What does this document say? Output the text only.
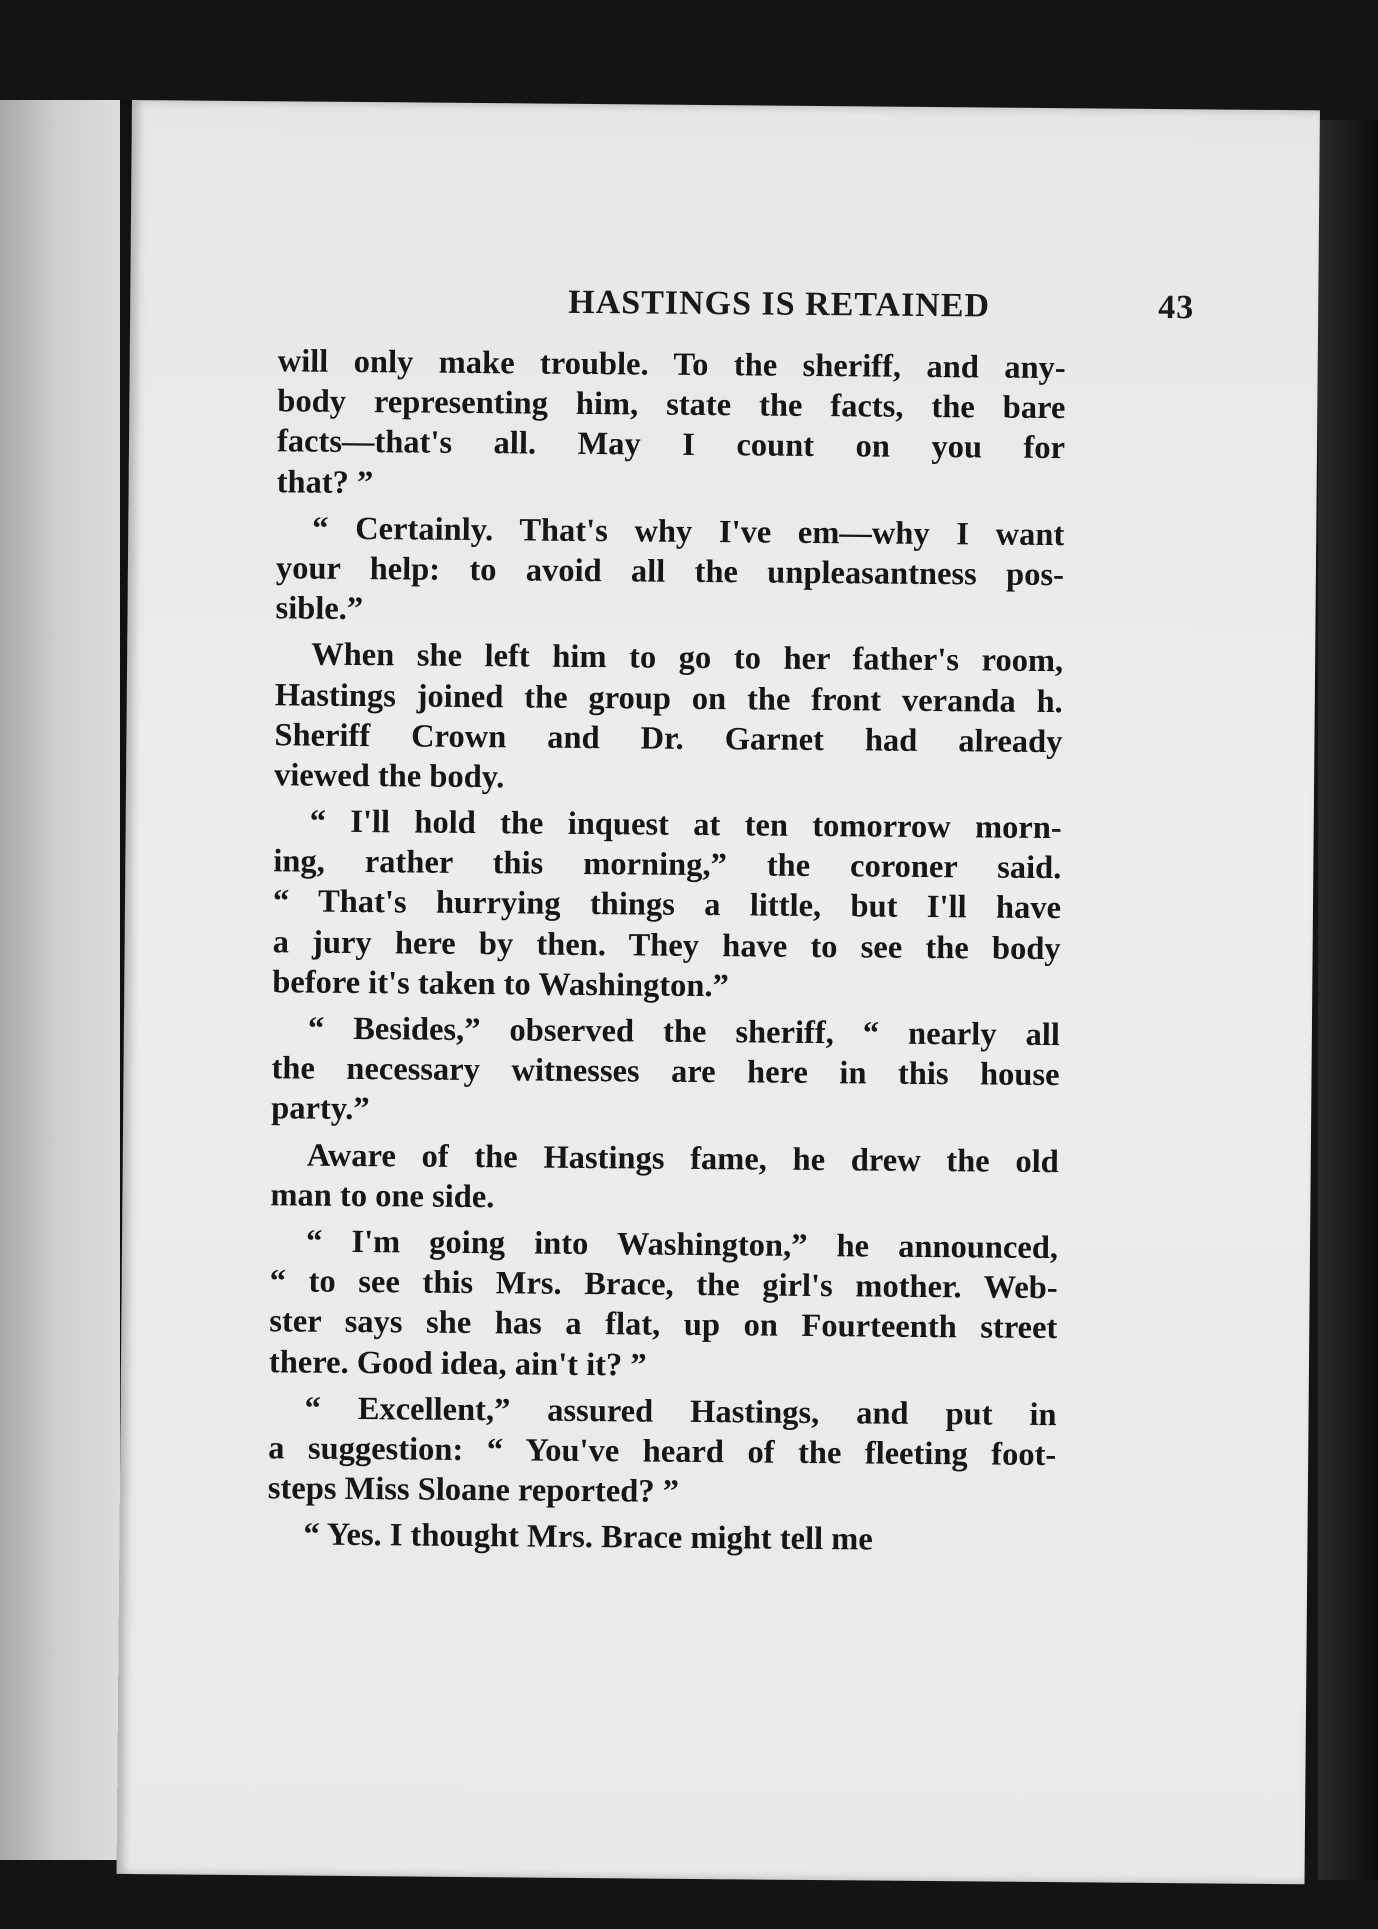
HASTINGS IS RETAINED	43
will only make trouble. To the sheriff, and any-
body representing him, state the facts, the bare
facts—that's all. May I count on you for
that? ”
“ Certainly. That's why I've em—why I want
your help: to avoid all the unpleasantness pos-
sible.”
When she left him to go to her father's room,
Hastings joined the group on the front veranda h.
Sheriff Crown and Dr. Garnet had already
viewed the body.
“ I'll hold the inquest at ten tomorrow morn-
ing, rather this morning,” the coroner said.
“ That's hurrying things a little, but I'll have
a jury here by then. They have to see the body
before it's taken to Washington.”
“ Besides,” observed the sheriff, “ nearly all
the necessary witnesses are here in this house
party.”
Aware of the Hastings fame, he drew the old
man to one side.
“ I'm going into Washington,” he announced,
“ to see this Mrs. Brace, the girl's mother. Web-
ster says she has a flat, up on Fourteenth street
there. Good idea, ain't it? ”
“ Excellent,” assured Hastings, and put in
a suggestion: “ You've heard of the fleeting foot-
steps Miss Sloane reported? ”
“ Yes. I thought Mrs. Brace might tell me
